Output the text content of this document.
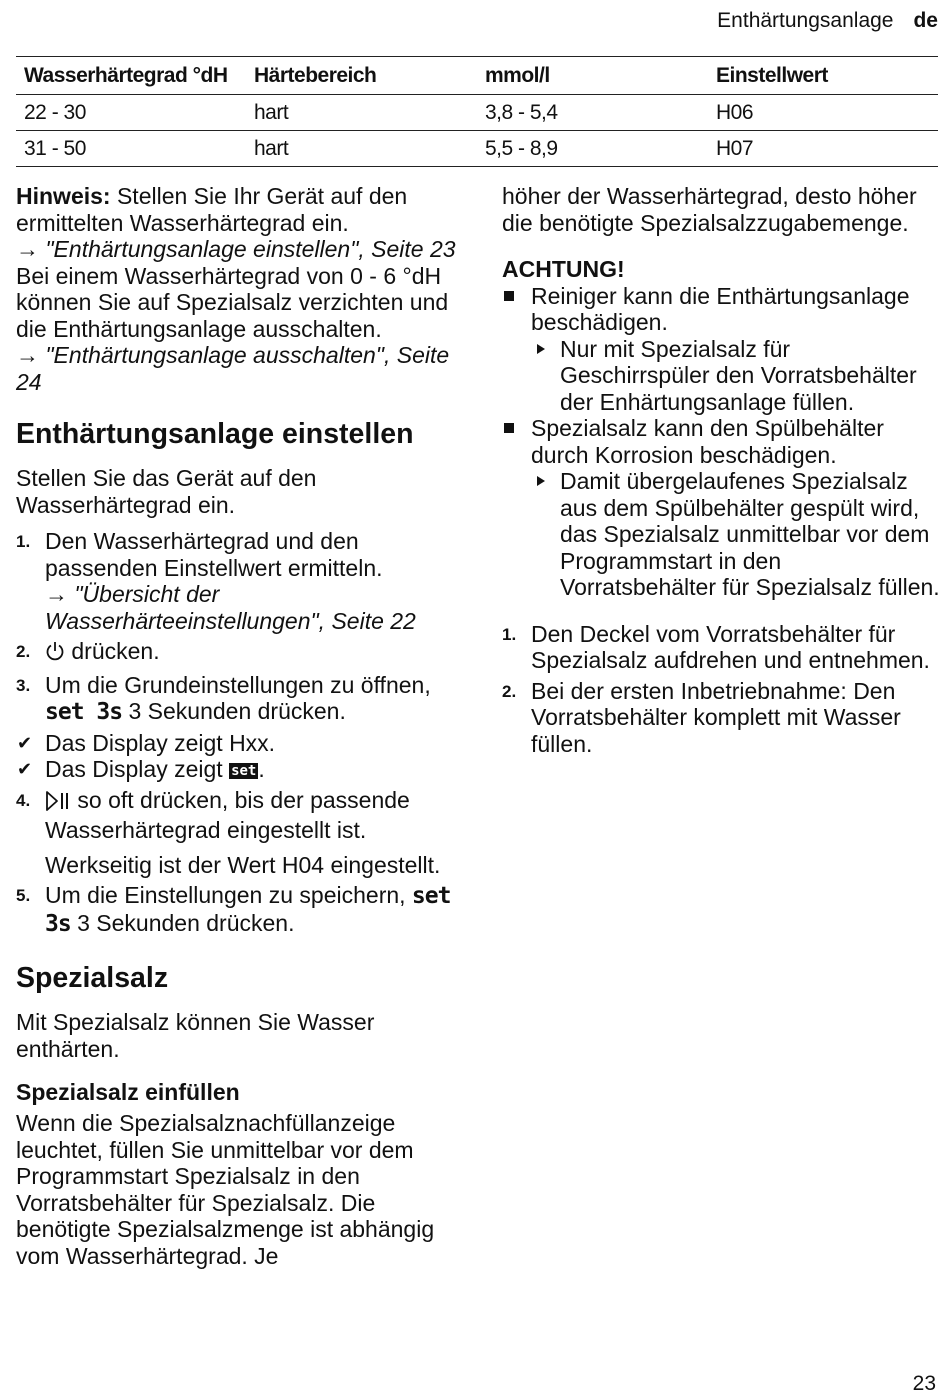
Enthärtungsanlage de
Wasserhärtegrad °dH	Härtebereich	mmol/l	Einstellwert
22 - 30	hart	3,8 - 5,4	H06
31 - 50	hart	5,5 - 8,9	H07

Hinweis: Stellen Sie Ihr Gerät auf den ermittelten Wasserhärtegrad ein.

→ "Enthärtungsanlage einstellen", Seite 23

Bei einem Wasserhärtegrad von 0 - 6 °dH können Sie auf Spezialsalz verzichten und die Enthärtungsanlage ausschalten.

→ "Enthärtungsanlage ausschalten", Seite 24

Enthärtungsanlage einstellen

Stellen Sie das Gerät auf den Wasserhärtegrad ein.

1. Den Wasserhärtegrad und den passenden Einstellwert ermitteln.
→ "Übersicht der Wasserhärteeinstellungen", Seite 22
2. drücken.
3. Um die Grundeinstellungen zu öffnen, set 3s 3 Sekunden drücken.
✔ Das Display zeigt Hxx.
✔ Das Display zeigt set.
4. so oft drücken, bis der passende Wasserhärtegrad eingestellt ist.

Werkseitig ist der Wert H04 eingestellt.

5. Um die Einstellungen zu speichern, set 3s 3 Sekunden drücken.
Spezialsalz

Mit Spezialsalz können Sie Wasser enthärten.

Spezialsalz einfüllen

Wenn die Spezialsalznachfüllanzeige leuchtet, füllen Sie unmittelbar vor dem Programmstart Spezialsalz in den Vorratsbehälter für Spezialsalz. Die benötigte Spezialsalzmenge ist abhängig vom Wasserhärtegrad. Je

höher der Wasserhärtegrad, desto höher die benötigte Spezialsalzzugabemenge.

ACHTUNG!

Reiniger kann die Enthärtungsanlage beschädigen.
Nur mit Spezialsalz für Geschirrspüler den Vorratsbehälter der Enhärtungsanlage füllen.
Spezialsalz kann den Spülbehälter durch Korrosion beschädigen.
Damit übergelaufenes Spezialsalz aus dem Spülbehälter gespült wird, das Spezialsalz unmittelbar vor dem Programmstart in den Vorratsbehälter für Spezialsalz füllen.
1. Den Deckel vom Vorratsbehälter für Spezialsalz aufdrehen und entnehmen.
2. Bei der ersten Inbetriebnahme: Den Vorratsbehälter komplett mit Wasser füllen.
23
